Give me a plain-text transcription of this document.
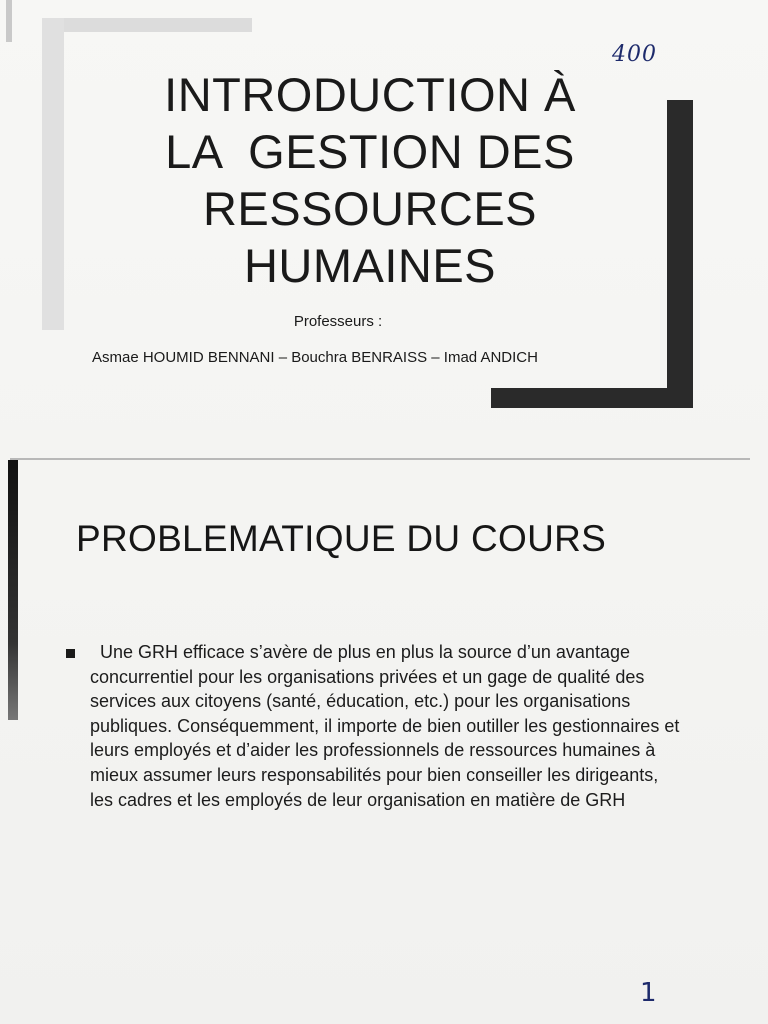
400
INTRODUCTION À
LA  GESTION DES
RESSOURCES
HUMAINES
Professeurs :
Asmae HOUMID BENNANI – Bouchra BENRAISS – Imad ANDICH
PROBLEMATIQUE DU COURS
Une GRH efficace s’avère de plus en plus la source d’un avantage concurrentiel pour les organisations privées et un gage de qualité des services aux citoyens (santé, éducation, etc.) pour les organisations publiques. Conséquemment, il importe de bien outiller les gestionnaires et leurs employés et d’aider les professionnels de ressources humaines à mieux assumer leurs responsabilités pour bien conseiller les dirigeants, les cadres et les employés de leur organisation en matière de GRH
1
